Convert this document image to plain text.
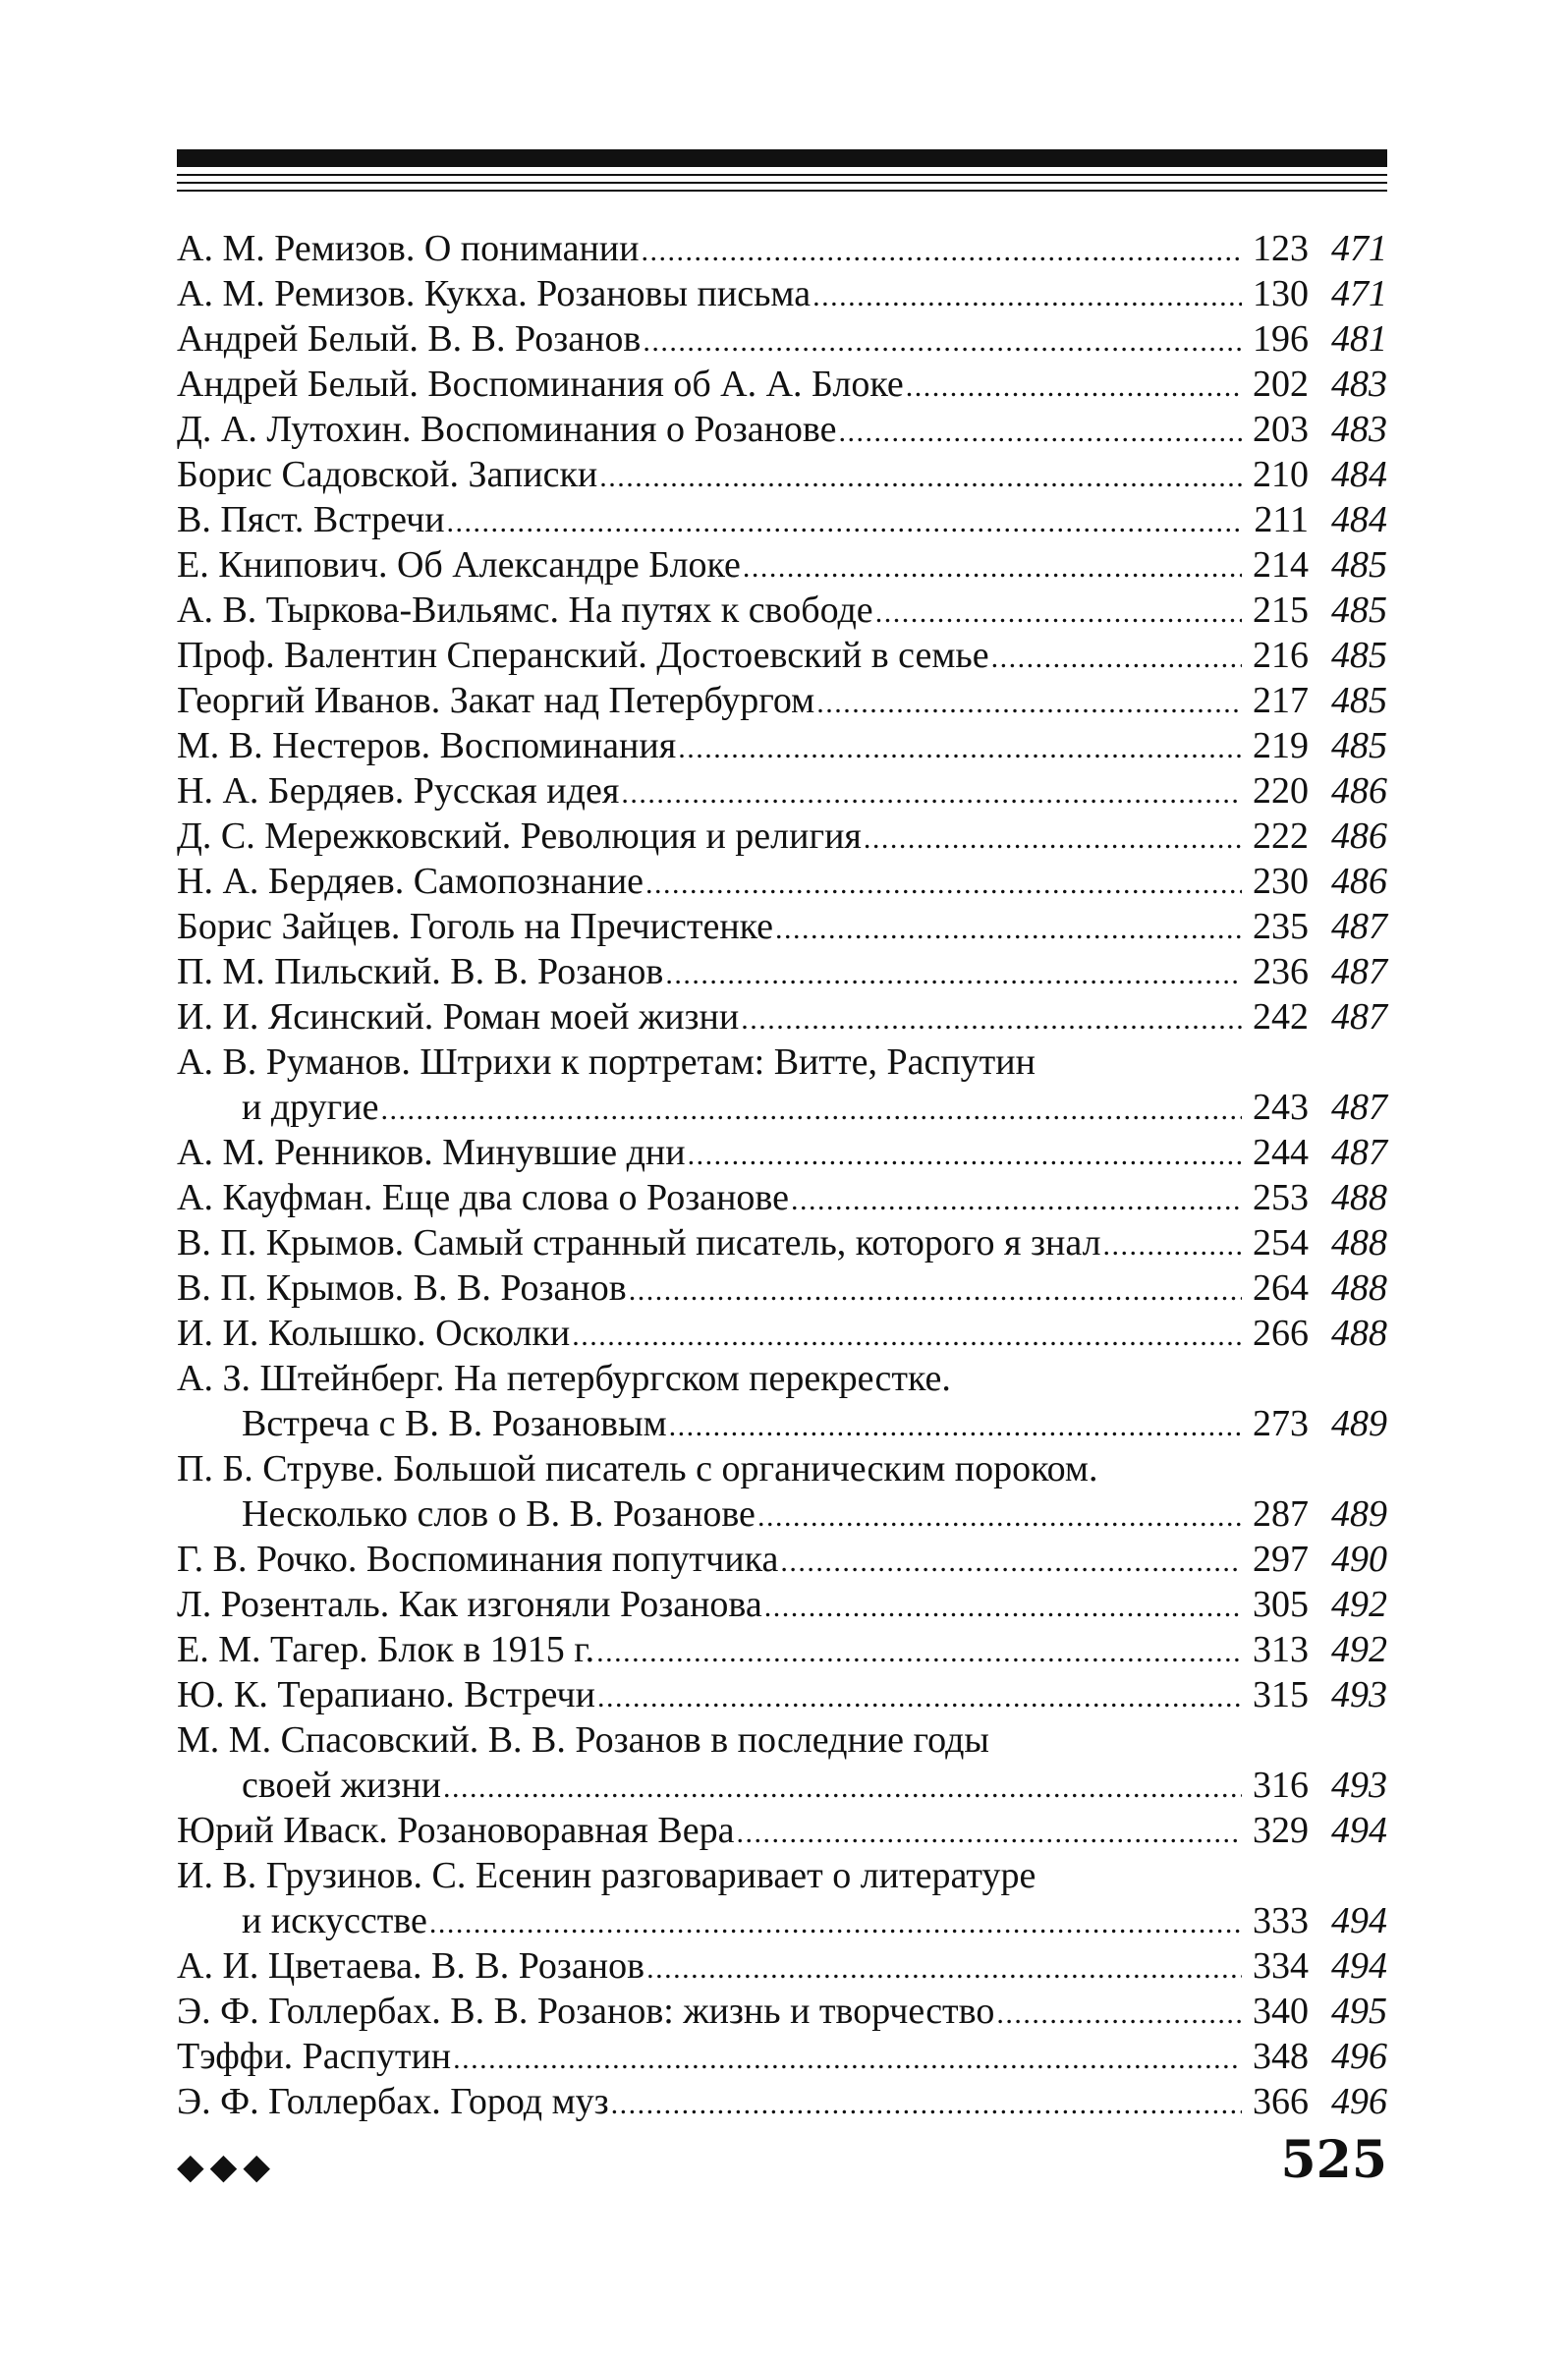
А. М. Ремизов. О понимании . . .	123 471
А. М. Ремизов. Кукха. Розановы письма . . .	130 471
Андрей Белый. В. В. Розанов . . .	196 481
Андрей Белый. Воспоминания об А. А. Блоке . . .	202 483
Д. А. Лутохин. Воспоминания о Розанове . . .	203 483
Борис Садовской. Записки . . .	210 484
В. Пяст. Встречи . . .	211 484
Е. Книпович. Об Александре Блоке . . .	214 485
А. В. Тыркова-Вильямс. На путях к свободе . . .	215 485
Проф. Валентин Сперанский. Достоевский в семье . . .	216 485
Георгий Иванов. Закат над Петербургом . . .	217 485
М. В. Нестеров. Воспоминания . . .	219 485
Н. А. Бердяев. Русская идея . . .	220 486
Д. С. Мережковский. Революция и религия . . .	222 486
Н. А. Бердяев. Самопознание . . .	230 486
Борис Зайцев. Гоголь на Пречистенке . . .	235 487
П. М. Пильский. В. В. Розанов . . .	236 487
И. И. Ясинский. Роман моей жизни . . .	242 487
А. В. Руманов. Штрихи к портретам: Витте, Распутин
и другие . . .	243 487
А. М. Ренников. Минувшие дни . . .	244 487
А. Кауфман. Еще два слова о Розанове . . .	253 488
В. П. Крымов. Самый странный писатель, которого я знал . . .	254 488
В. П. Крымов. В. В. Розанов . . .	264 488
И. И. Колышко. Осколки . . .	266 488
А. З. Штейнберг. На петербургском перекрестке.
Встреча с В. В. Розановым . . .	273 489
П. Б. Струве. Большой писатель с органическим пороком.
Несколько слов о В. В. Розанове . . .	287 489
Г. В. Рочко. Воспоминания попутчика . . .	297 490
Л. Розенталь. Как изгоняли Розанова . . .	305 492
Е. М. Тагер. Блок в 1915 г. . . .	313 492
Ю. К. Терапиано. Встречи . . .	315 493
М. М. Спасовский. В. В. Розанов в последние годы
своей жизни . . .	316 493
Юрий Иваск. Розановоравная Вера . . .	329 494
И. В. Грузинов. С. Есенин разговаривает о литературе
и искусстве . . .	333 494
А. И. Цветаева. В. В. Розанов . . .	334 494
Э. Ф. Голлербах. В. В. Розанов: жизнь и творчество . . .	340 495
Тэффи. Распутин . . .	348 496
Э. Ф. Голлербах. Город муз . . .	366 496
◆◆◆	525
